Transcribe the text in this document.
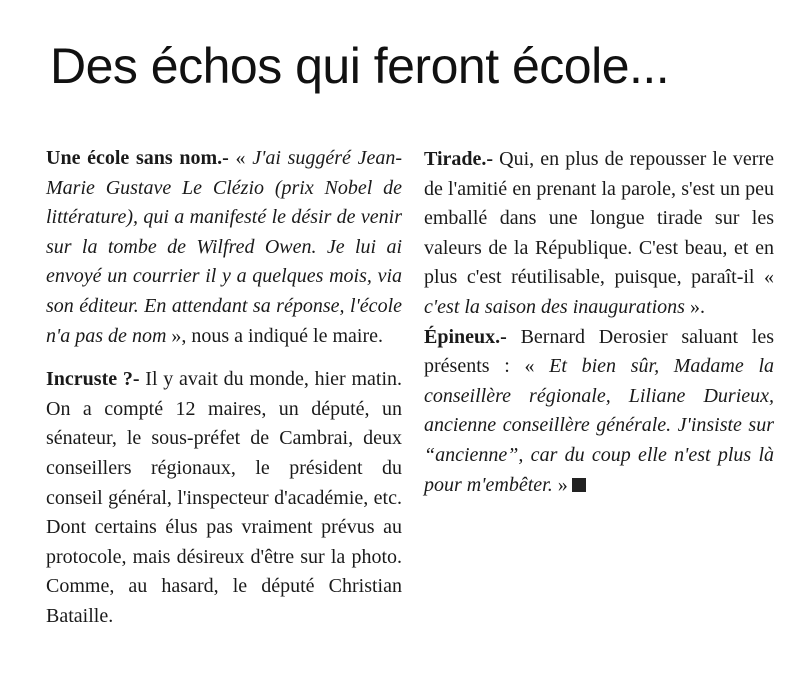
Des échos qui feront école...

Une école sans nom.- « J'ai suggéré Jean-Marie Gustave Le Clézio (prix Nobel de littérature), qui a manifesté le désir de venir sur la tombe de Wilfred Owen. Je lui ai envoyé un courrier il y a quelques mois, via son éditeur. En attendant sa réponse, l'école n'a pas de nom », nous a indiqué le maire.

Incruste ?- Il y avait du monde, hier matin. On a compté 12 maires, un député, un sénateur, le sous-préfet de Cambrai, deux conseillers régionaux, le président du conseil général, l'inspecteur d'académie, etc. Dont certains élus pas vraiment prévus au protocole, mais désireux d'être sur la photo. Comme, au hasard, le député Christian Bataille.

Tirade.- Qui, en plus de repousser le verre de l'amitié en prenant la parole, s'est un peu emballé dans une longue tirade sur les valeurs de la République. C'est beau, et en plus c'est réutilisable, puisque, paraît-il « c'est la saison des inaugurations ».

Épineux.- Bernard Derosier saluant les présents : « Et bien sûr, Madame la conseillère régionale, Liliane Durieux, ancienne conseillère générale. J'insiste sur “ancienne”, car du coup elle n'est plus là pour m'embêter. »
